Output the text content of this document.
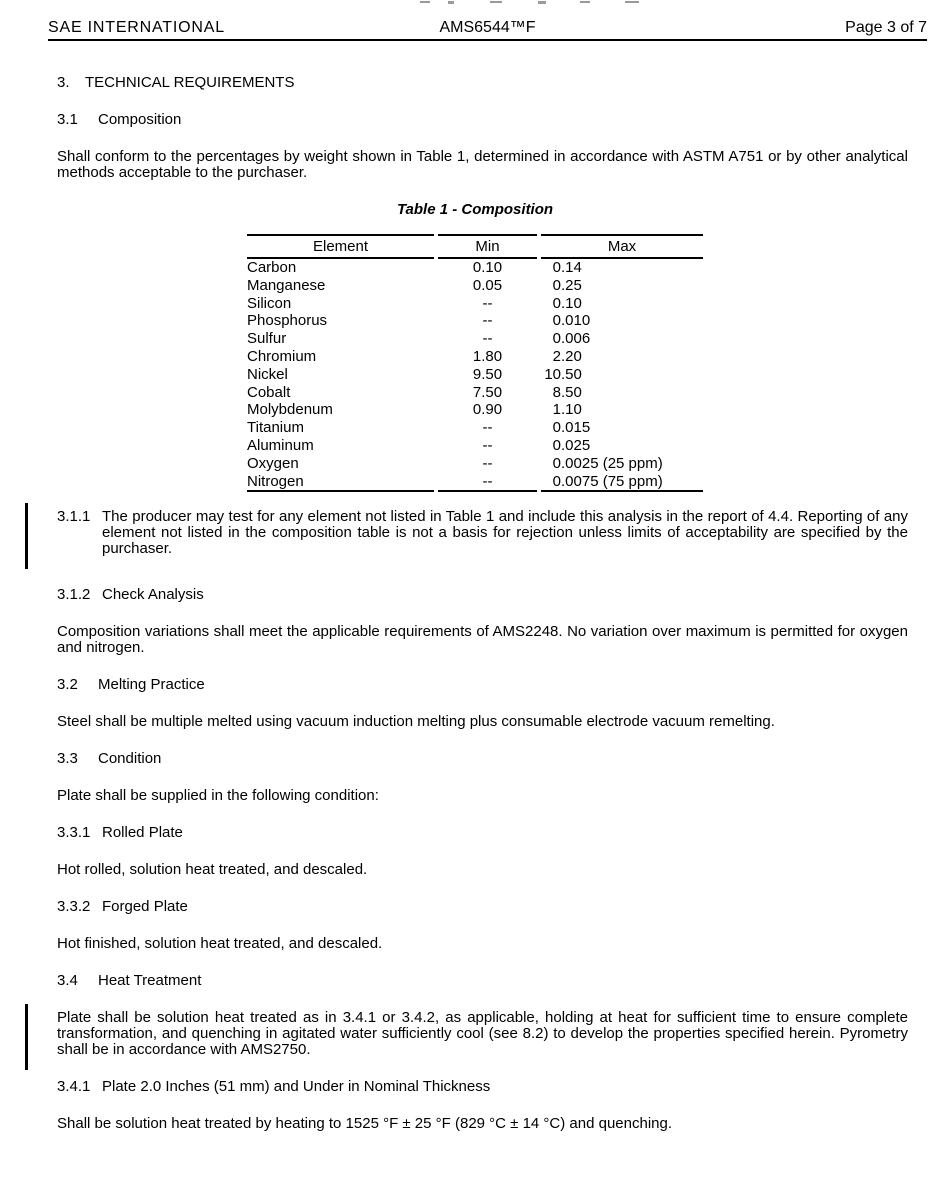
SAE INTERNATIONAL	AMS6544™F	Page 3 of 7
3. TECHNICAL REQUIREMENTS
3.1 Composition

Shall conform to the percentages by weight shown in Table 1, determined in accordance with ASTM A751 or by other analytical methods acceptable to the purchaser.

Table 1 - Composition
Element	Min	Max
Carbon	0.10	0.14
Manganese	0.05	0.25
Silicon	--	0.10
Phosphorus	--	0.010
Sulfur	--	0.006
Chromium	1.80	2.20
Nickel	9.50	10.50
Cobalt	7.50	8.50
Molybdenum	0.90	1.10
Titanium	--	0.015
Aluminum	--	0.025
Oxygen	--	0.0025 (25 ppm)
Nitrogen	--	0.0075 (75 ppm)
3.1.1 The producer may test for any element not listed in Table 1 and include this analysis in the report of 4.4. Reporting of any element not listed in the composition table is not a basis for rejection unless limits of acceptability are specified by the purchaser.
3.1.2 Check Analysis

Composition variations shall meet the applicable requirements of AMS2248. No variation over maximum is permitted for oxygen and nitrogen.

3.2 Melting Practice

Steel shall be multiple melted using vacuum induction melting plus consumable electrode vacuum remelting.

3.3 Condition

Plate shall be supplied in the following condition:

3.3.1 Rolled Plate

Hot rolled, solution heat treated, and descaled.

3.3.2 Forged Plate

Hot finished, solution heat treated, and descaled.

3.4 Heat Treatment

Plate shall be solution heat treated as in 3.4.1 or 3.4.2, as applicable, holding at heat for sufficient time to ensure complete transformation, and quenching in agitated water sufficiently cool (see 8.2) to develop the properties specified herein. Pyrometry shall be in accordance with AMS2750.

3.4.1 Plate 2.0 Inches (51 mm) and Under in Nominal Thickness

Shall be solution heat treated by heating to 1525 °F ± 25 °F (829 °C ± 14 °C) and quenching.
